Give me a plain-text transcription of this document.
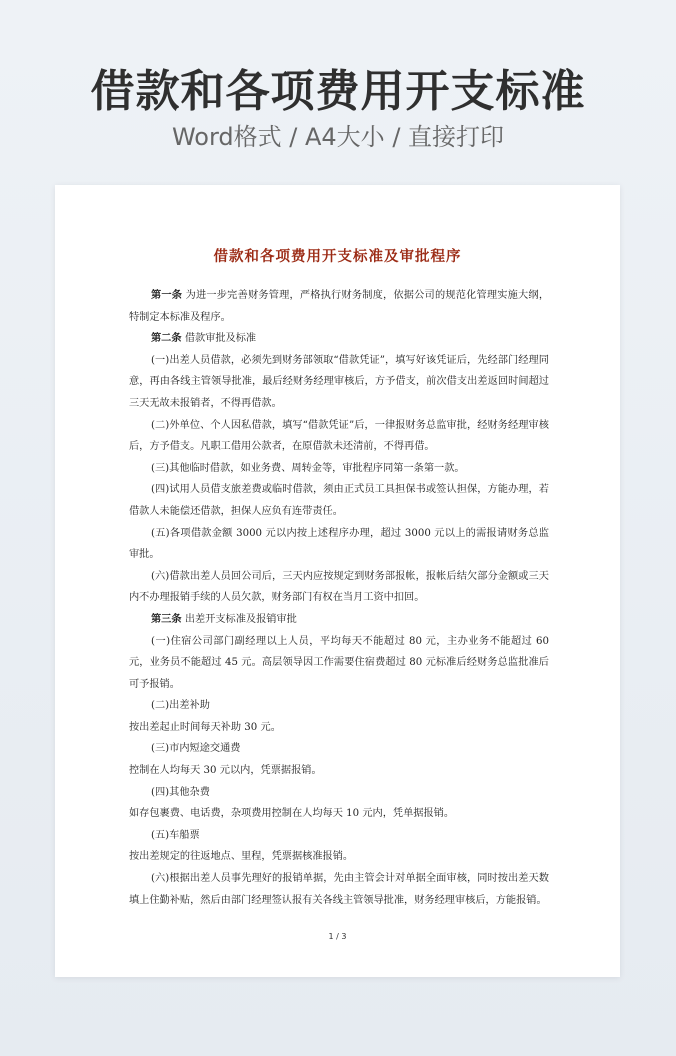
借款和各项费用开支标准
Word格式 / A4大小 / 直接打印
借款和各项费用开支标准及审批程序

第一条 为进一步完善财务管理，严格执行财务制度，依据公司的规范化管理实施大纲，特制定本标准及程序。

第二条 借款审批及标准

(一)出差人员借款，必须先到财务部领取“借款凭证”，填写好该凭证后，先经部门经理同意，再由各线主管领导批准，最后经财务经理审核后，方予借支，前次借支出差返回时间超过三天无故未报销者，不得再借款。

(二)外单位、个人因私借款，填写“借款凭证”后，一律报财务总监审批，经财务经理审核后，方予借支。凡职工借用公款者，在原借款未还清前，不得再借。

(三)其他临时借款，如业务费、周转金等，审批程序同第一条第一款。

(四)试用人员借支旅差费或临时借款，须由正式员工具担保书或签认担保，方能办理，若借款人未能偿还借款，担保人应负有连带责任。

(五)各项借款金额 3000 元以内按上述程序办理，超过 3000 元以上的需报请财务总监审批。

(六)借款出差人员回公司后，三天内应按规定到财务部报帐，报帐后结欠部分金额或三天内不办理报销手续的人员欠款，财务部门有权在当月工资中扣回。

第三条 出差开支标准及报销审批

(一)住宿公司部门副经理以上人员，平均每天不能超过 80 元，主办业务不能超过 60 元，业务员不能超过 45 元。高层领导因工作需要住宿费超过 80 元标准后经财务总监批准后可予报销。

(二)出差补助

按出差起止时间每天补助 30 元。

(三)市内短途交通费

控制在人均每天 30 元以内，凭票据报销。

(四)其他杂费

如存包裹费、电话费，杂项费用控制在人均每天 10 元内，凭单据报销。

(五)车船票

按出差规定的往返地点、里程，凭票据核准报销。

(六)根据出差人员事先理好的报销单据，先由主管会计对单据全面审核，同时按出差天数填上住勤补贴，然后由部门经理签认报有关各线主管领导批准，财务经理审核后，方能报销。

1 / 3
